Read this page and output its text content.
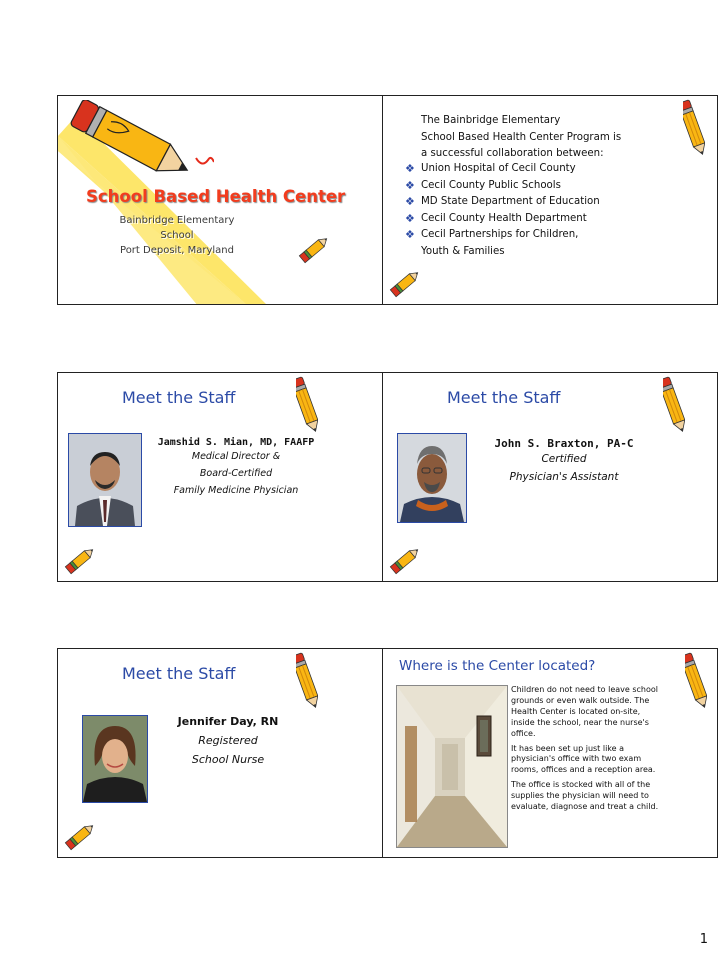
School Based Health Center
Bainbridge Elementary School
Port Deposit, Maryland
The Bainbridge Elementary
School Based Health Center Program is
a successful collaboration between:
❖ Union Hospital of Cecil County
❖ Cecil County Public Schools
❖ MD State Department of Education
❖ Cecil County Health Department
❖ Cecil Partnerships for Children,
Youth & Families
Meet the Staff
Jamshid S. Mian, MD, FAAFP
Medical Director &
Board-Certified
Family Medicine Physician
Meet the Staff
John S. Braxton, PA-C
Certified
Physician's Assistant
Meet the Staff
Jennifer Day, RN
Registered
School Nurse
Where is the Center located?

Children do not need to leave school grounds or even walk outside. The Health Center is located on-site, inside the school, near the nurse's office.

It has been set up just like a physician's office with two exam rooms, offices and a reception area.

The office is stocked with all of the supplies the physician will need to evaluate, diagnose and treat a child.

1
